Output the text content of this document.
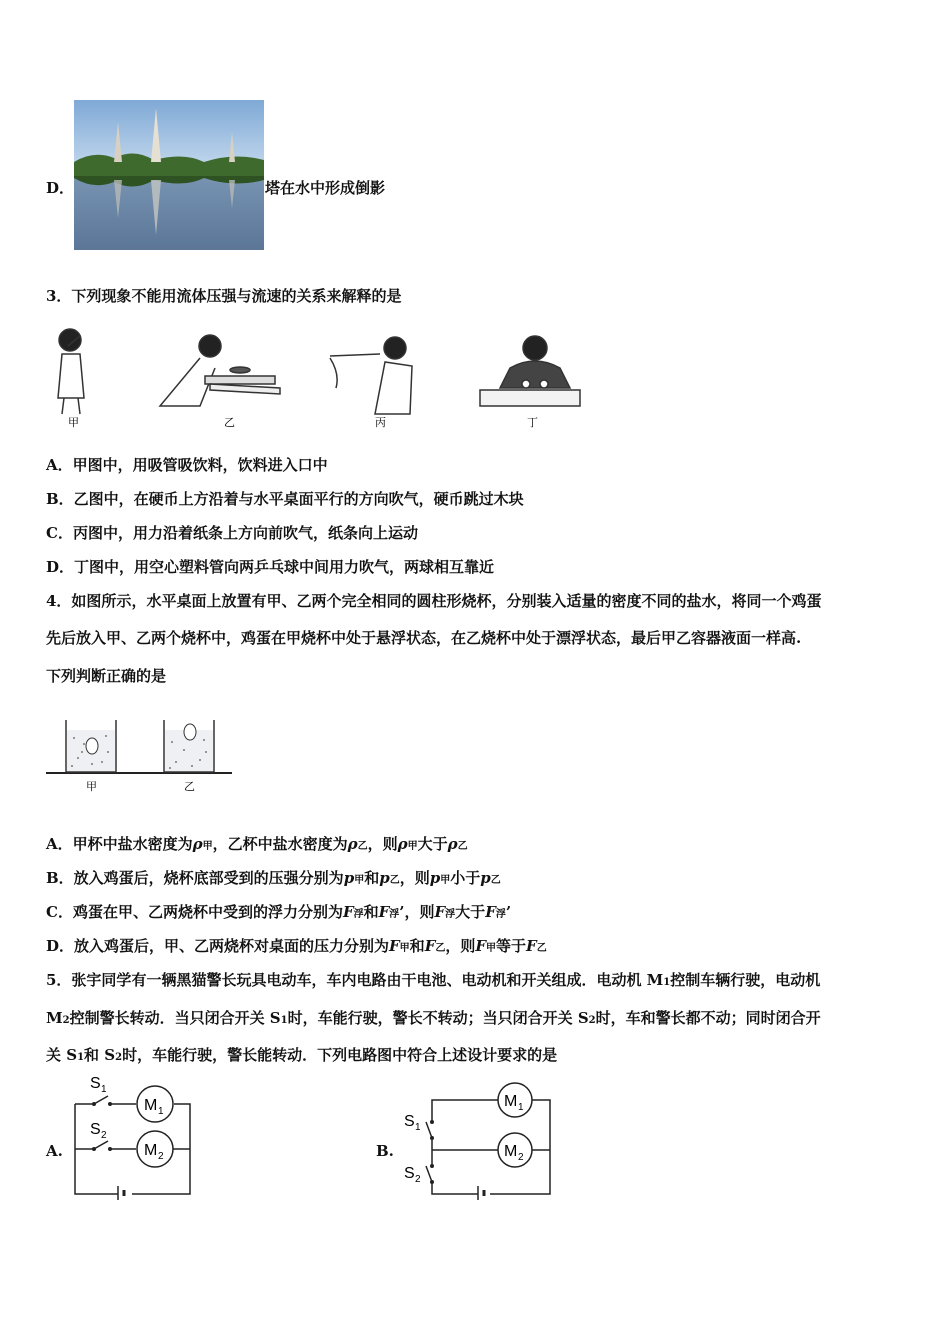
D．	塔在水中形成倒影
3．下列现象不能用流体压强与流速的关系来解释的是
甲	乙	丙	丁
A．甲图中，用吸管吸饮料，饮料进入口中
B．乙图中，在硬币上方沿着与水平桌面平行的方向吹气，硬币跳过木块
C．丙图中，用力沿着纸条上方向前吹气，纸条向上运动
D．丁图中，用空心塑料管向两乒乓球中间用力吹气，两球相互靠近
4．如图所示，水平桌面上放置有甲、乙两个完全相同的圆柱形烧杯，分别装入适量的密度不同的盐水，将同一个鸡蛋
先后放入甲、乙两个烧杯中，鸡蛋在甲烧杯中处于悬浮状态，在乙烧杯中处于漂浮状态，最后甲乙容器液面一样高.
下列判断正确的是
甲	乙
A．甲杯中盐水密度为ρ甲，乙杯中盐水密度为ρ乙，则ρ甲大于ρ乙
B．放入鸡蛋后，烧杯底部受到的压强分别为p甲和p乙，则p甲小于p乙
C．鸡蛋在甲、乙两烧杯中受到的浮力分别为F浮和F浮’，则F浮大于F浮’
D．放入鸡蛋后，甲、乙两烧杯对桌面的压力分别为F甲和F乙，则F甲等于F乙
5．张宇同学有一辆黑猫警长玩具电动车，车内电路由干电池、电动机和开关组成．电动机 M1控制车辆行驶，电动机
M2控制警长转动．当只闭合开关 S1时，车能行驶，警长不转动；当只闭合开关 S2时，车和警长都不动；同时闭合开
关 S1和 S2时，车能行驶，警长能转动．下列电路图中符合上述设计要求的是
A.
S 1
S 2
M 1
M 2	B.
S 1
S 2
M 1
M 2
